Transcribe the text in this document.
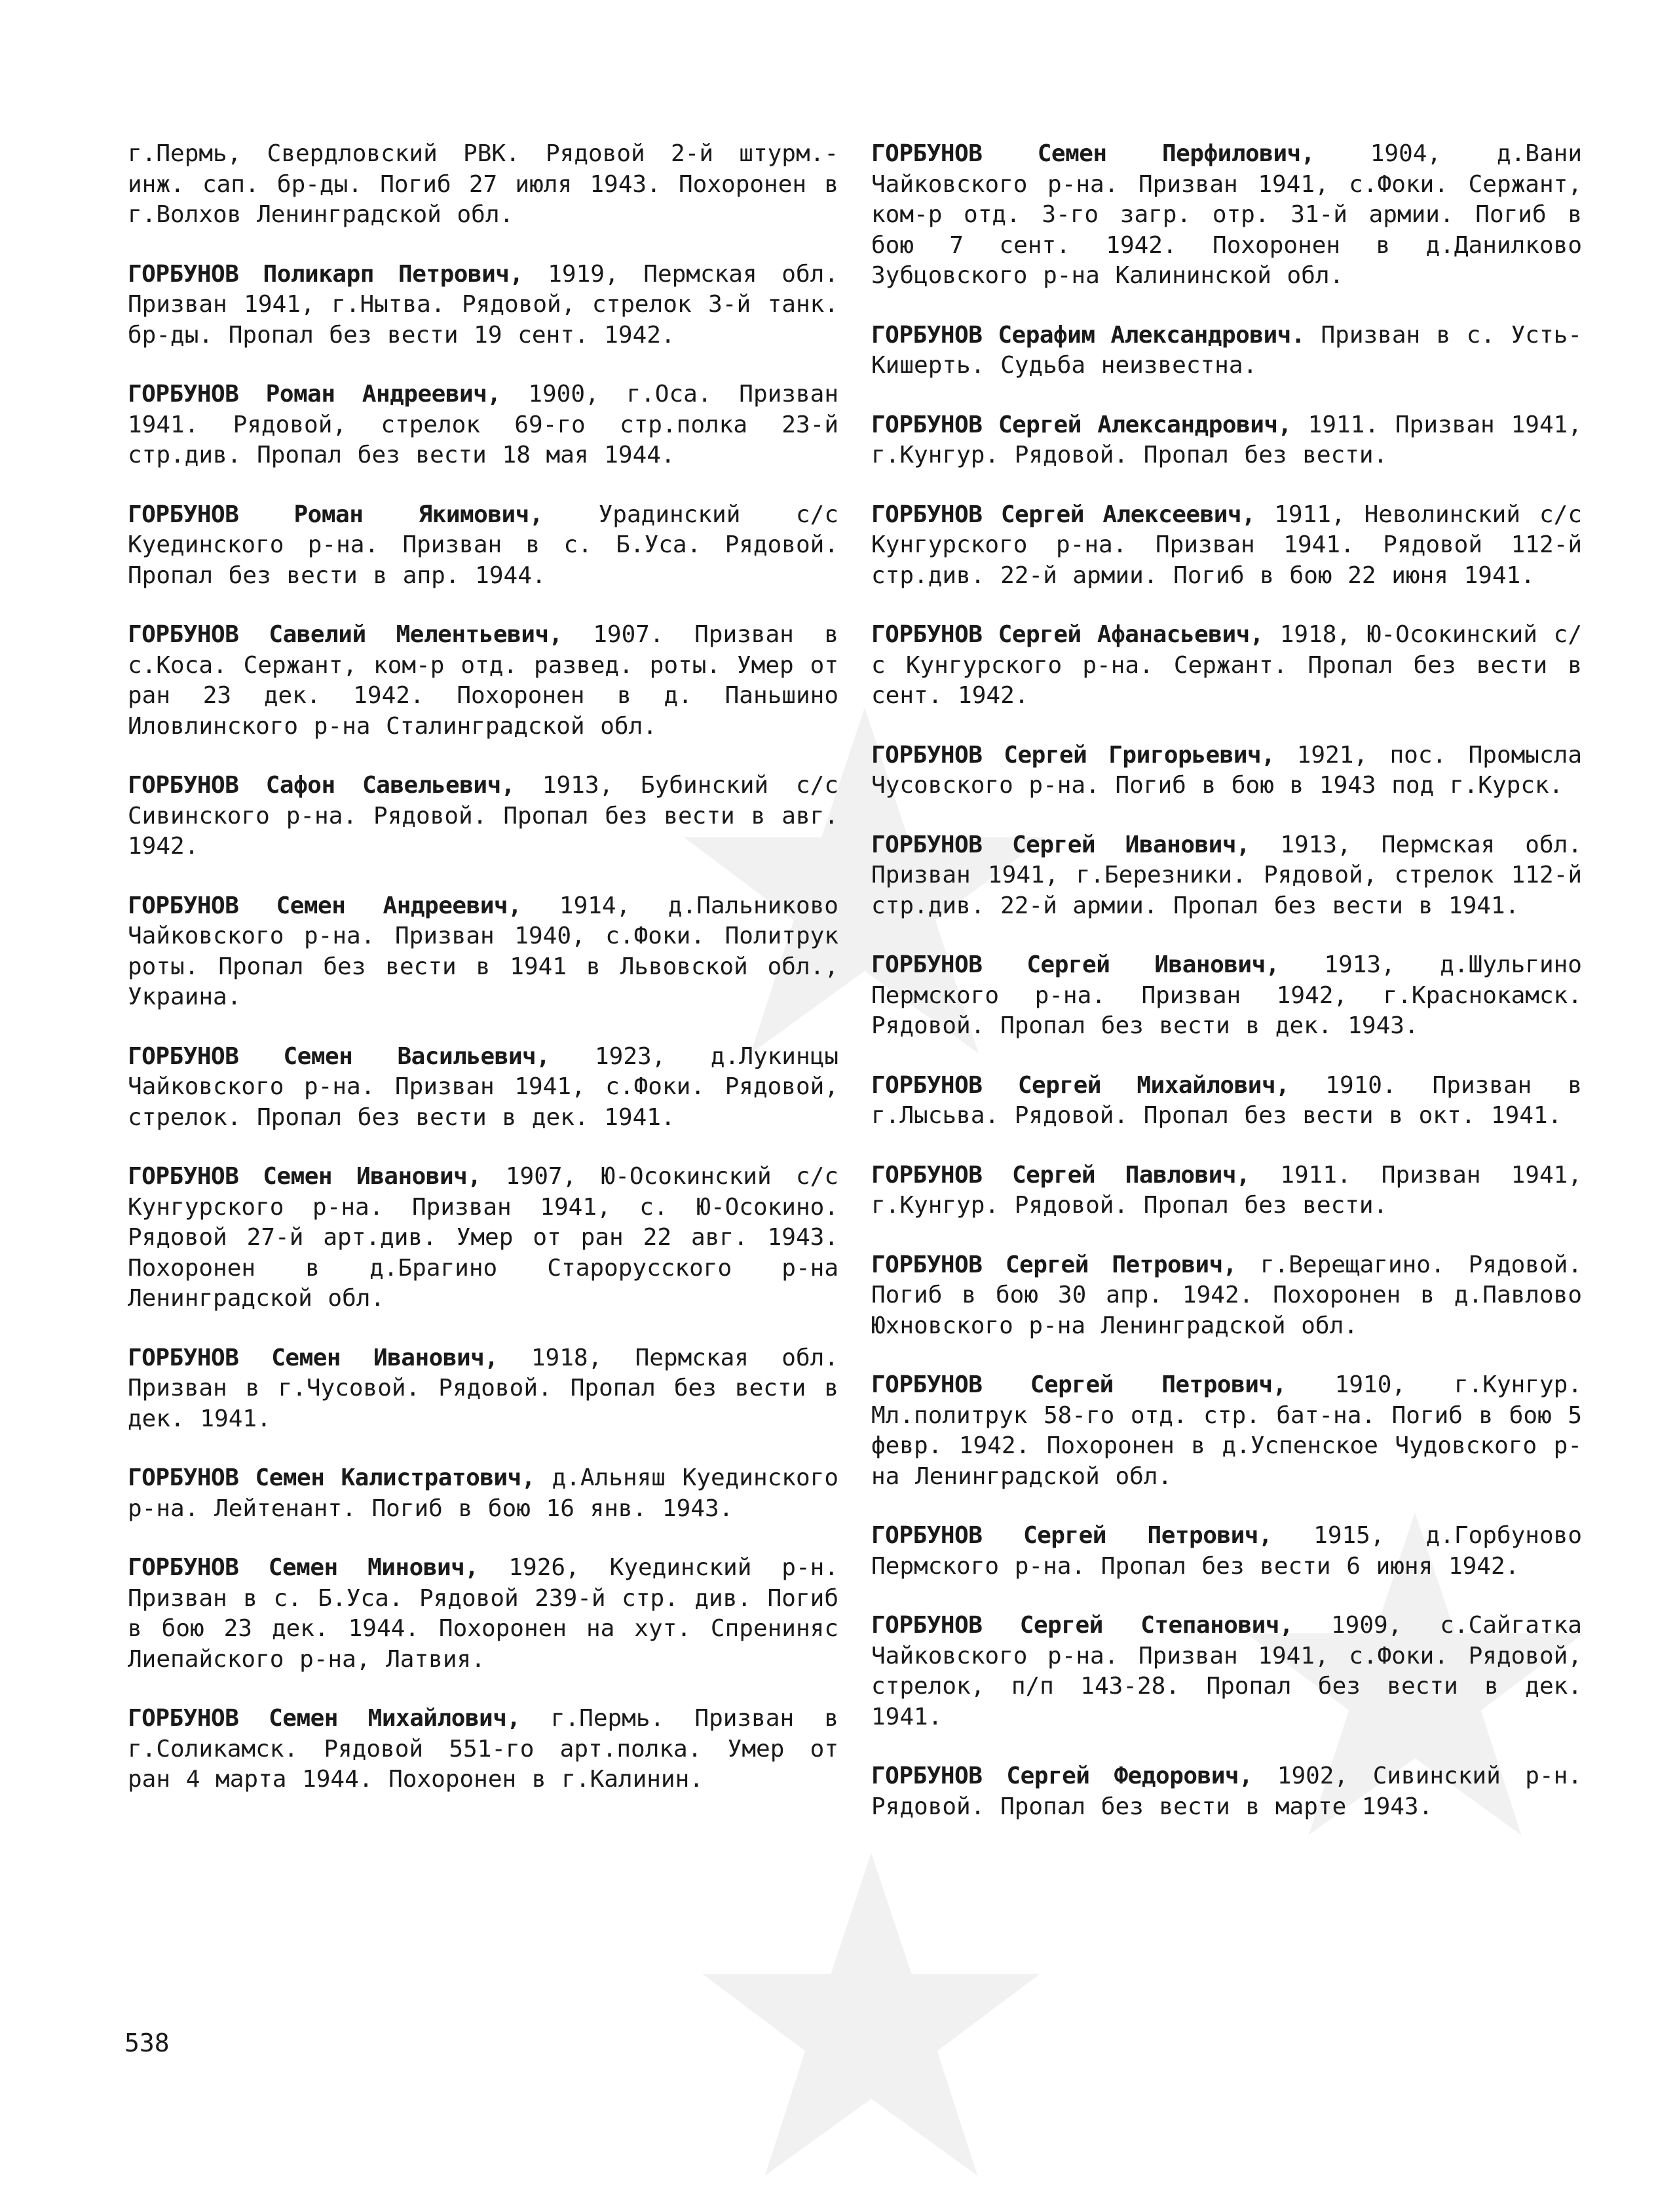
г.Пермь, Свердловский РВК. Рядовой 2-й штурм.-инж. сап. бр-ды. Погиб 27 июля 1943. Похоронен в г.Волхов Ленинградской обл.

ГОРБУНОВ Поликарп Петрович, 1919, Пермская обл. Призван 1941, г.Нытва. Рядовой, стрелок 3-й танк. бр-ды. Пропал без вести 19 сент. 1942.

ГОРБУНОВ Роман Андреевич, 1900, г.Оса. Призван 1941. Рядовой, стрелок 69-го стр.полка 23-й стр.див. Пропал без вести 18 мая 1944.

ГОРБУНОВ Роман Якимович, Урадинский с/с Куединского р-на. Призван в с. Б.Уса. Рядовой. Пропал без вести в апр. 1944.

ГОРБУНОВ Савелий Мелентьевич, 1907. Призван в с.Коса. Сержант, ком-р отд. развед. роты. Умер от ран 23 дек. 1942. Похоронен в д. Паньшино Иловлинского р-на Сталинградской обл.

ГОРБУНОВ Сафон Савельевич, 1913, Бубинский с/с Сивинского р-на. Рядовой. Пропал без вести в авг. 1942.

ГОРБУНОВ Семен Андреевич, 1914, д.Пальниково Чайковского р-на. Призван 1940, с.Фоки. Политрук роты. Пропал без вести в 1941 в Львовской обл., Украина.

ГОРБУНОВ Семен Васильевич, 1923, д.Лукинцы Чайковского р-на. Призван 1941, с.Фоки. Рядовой, стрелок. Пропал без вести в дек. 1941.

ГОРБУНОВ Семен Иванович, 1907, Ю-Осокинский с/с Кунгурского р-на. Призван 1941, с. Ю-Осокино. Рядовой 27-й арт.див. Умер от ран 22 авг. 1943. Похоронен в д.Брагино Старорусского р-на Ленинградской обл.

ГОРБУНОВ Семен Иванович, 1918, Пермская обл. Призван в г.Чусовой. Рядовой. Пропал без вести в дек. 1941.

ГОРБУНОВ Семен Калистратович, д.Альняш Куединского р-на. Лейтенант. Погиб в бою 16 янв. 1943.

ГОРБУНОВ Семен Минович, 1926, Куединский р-н. Призван в с. Б.Уса. Рядовой 239-й стр. див. Погиб в бою 23 дек. 1944. Похоронен на хут. Спрениняс Лиепайского р-на, Латвия.

ГОРБУНОВ Семен Михайлович, г.Пермь. Призван в г.Соликамск. Рядовой 551-го арт.полка. Умер от ран 4 марта 1944. Похоронен в г.Калинин.

ГОРБУНОВ Семен Перфилович, 1904, д.Вани Чайковского р-на. Призван 1941, с.Фоки. Сержант, ком-р отд. 3-го загр. отр. 31-й армии. Погиб в бою 7 сент. 1942. Похоронен в д.Данилково Зубцовского р-на Калининской обл.

ГОРБУНОВ Серафим Александрович. Призван в с. Усть-Кишерть. Судьба неизвестна.

ГОРБУНОВ Сергей Александрович, 1911. Призван 1941, г.Кунгур. Рядовой. Пропал без вести.

ГОРБУНОВ Сергей Алексеевич, 1911, Неволинский с/с Кунгурского р-на. Призван 1941. Рядовой 112-й стр.див. 22-й армии. Погиб в бою 22 июня 1941.

ГОРБУНОВ Сергей Афанасьевич, 1918, Ю-Осокинский с/с Кунгурского р-на. Сержант. Пропал без вести в сент. 1942.

ГОРБУНОВ Сергей Григорьевич, 1921, пос. Промысла Чусовского р-на. Погиб в бою в 1943 под г.Курск.

ГОРБУНОВ Сергей Иванович, 1913, Пермская обл. Призван 1941, г.Березники. Рядовой, стрелок 112-й стр.див. 22-й армии. Пропал без вести в 1941.

ГОРБУНОВ Сергей Иванович, 1913, д.Шульгино Пермского р-на. Призван 1942, г.Краснокамск. Рядовой. Пропал без вести в дек. 1943.

ГОРБУНОВ Сергей Михайлович, 1910. Призван в г.Лысьва. Рядовой. Пропал без вести в окт. 1941.

ГОРБУНОВ Сергей Павлович, 1911. Призван 1941, г.Кунгур. Рядовой. Пропал без вести.

ГОРБУНОВ Сергей Петрович, г.Верещагино. Рядовой. Погиб в бою 30 апр. 1942. Похоронен в д.Павлово Юхновского р-на Ленинградской обл.

ГОРБУНОВ Сергей Петрович, 1910, г.Кунгур. Мл.политрук 58-го отд. стр. бат-на. Погиб в бою 5 февр. 1942. Похоронен в д.Успенское Чудовского р-на Ленинградской обл.

ГОРБУНОВ Сергей Петрович, 1915, д.Горбуново Пермского р-на. Пропал без вести 6 июня 1942.

ГОРБУНОВ Сергей Степанович, 1909, с.Сайгатка Чайковского р-на. Призван 1941, с.Фоки. Рядовой, стрелок, п/п 143-28. Пропал без вести в дек. 1941.

ГОРБУНОВ Сергей Федорович, 1902, Сивинский р-н. Рядовой. Пропал без вести в марте 1943.

538
